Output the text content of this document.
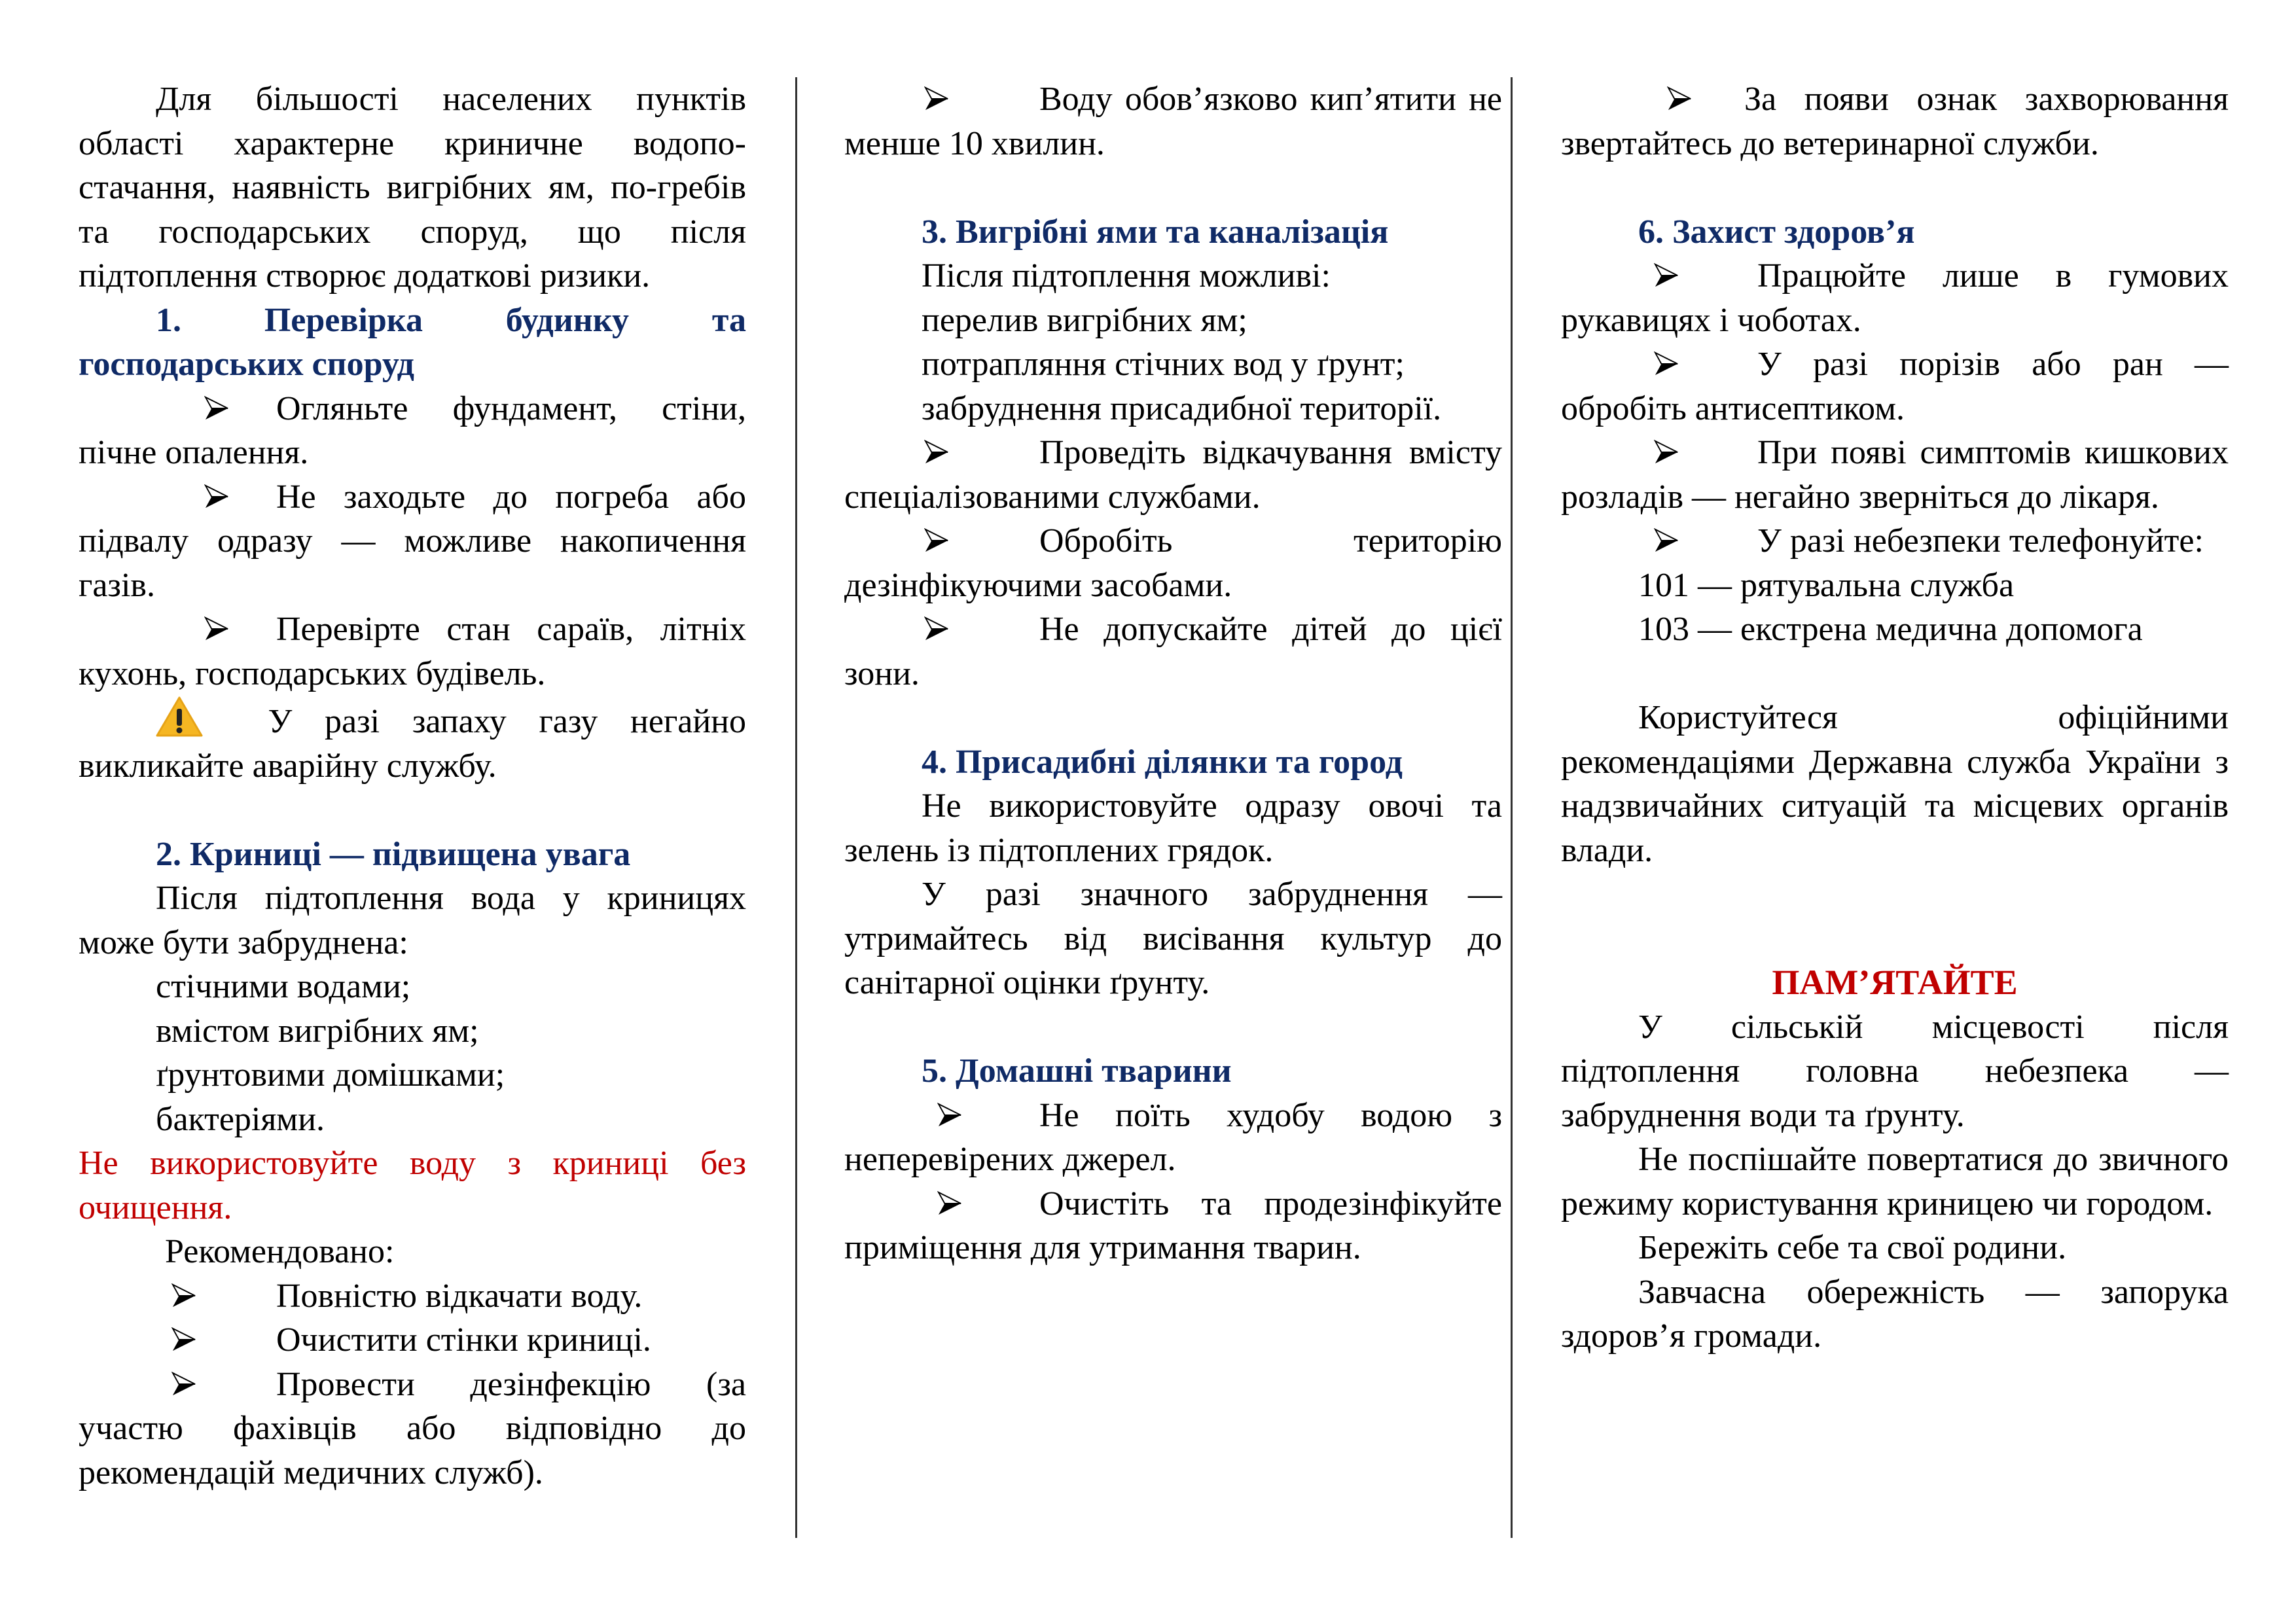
Для більшості населених пунктів області характерне криничне водопо-стачання, наявність вигрібних ям, по-гребів та господарських споруд, що після підтоплення створює додаткові ризики.

1. Перевірка будинку та господарських споруд

Огляньте фундамент, стіни, пічне опалення.

Не заходьте до погреба або підвалу одразу — можливе накопичення газів.

Перевірте стан сараїв, літніх кухонь, господарських будівель.

У разі запаху газу негайно викликайте аварійну службу.

2. Криниці — підвищена увага

Після підтоплення вода у криницях може бути забруднена:

стічними водами;

вмістом вигрібних ям;

ґрунтовими домішками;

бактеріями.

Не використовуйте воду з криниці без очищення.

Рекомендовано:

Повністю відкачати воду.

Очистити стінки криниці.

Провести дезінфекцію (за участю фахівців або відповідно до рекомендацій медичних служб).

Воду обов’язково кип’ятити не менше 10 хвилин.

3. Вигрібні ями та каналізація

Після підтоплення можливі:

перелив вигрібних ям;

потрапляння стічних вод у ґрунт;

забруднення присадибної території.

Проведіть відкачування вмісту спеціалізованими службами.

Обробіть територію дезінфікуючими засобами.

Не допускайте дітей до цієї зони.

4. Присадибні ділянки та город

Не використовуйте одразу овочі та зелень із підтоплених грядок.

У разі значного забруднення — утримайтесь від висівання культур до санітарної оцінки ґрунту.

5. Домашні тварини

Не поїть худобу водою з неперевірених джерел.

Очистіть та продезінфікуйте приміщення для утримання тварин.

За появи ознак захворювання звертайтесь до ветеринарної служби.

6. Захист здоров’я

Працюйте лише в гумових рукавицях і чоботах.

У разі порізів або ран — обробіть антисептиком.

При появі симптомів кишкових розладів — негайно зверніться до лікаря.

У разі небезпеки телефонуйте:

101 — рятувальна служба

103 — екстрена медична допомога

Користуйтеся офіційними рекомендаціями Державна служба України з надзвичайних ситуацій та місцевих органів влади.

ПАМ’ЯТАЙТЕ

У сільській місцевості після підтоплення головна небезпека — забруднення води та ґрунту.

Не поспішайте повертатися до звичного режиму користування криницею чи городом.

Бережіть себе та свої родини.

Завчасна обережність — запорука здоров’я громади.
